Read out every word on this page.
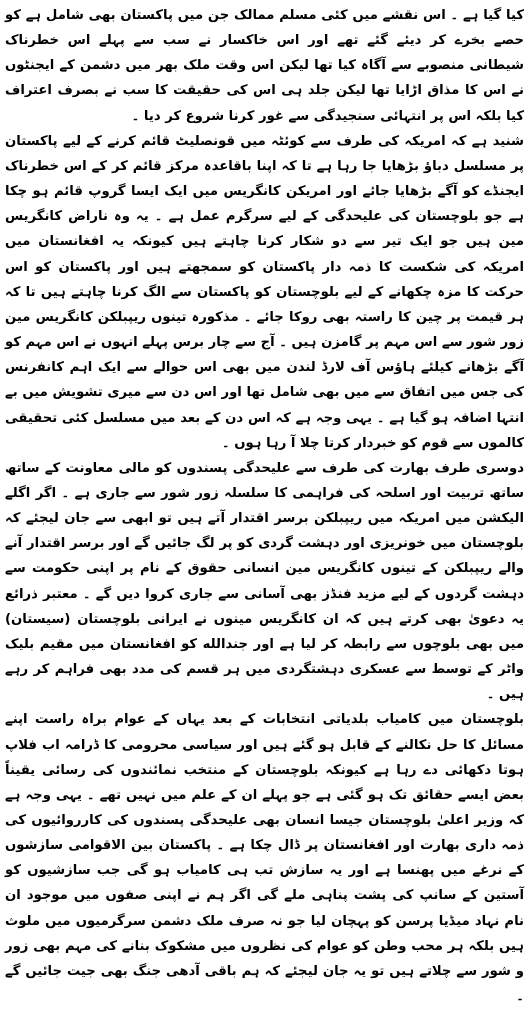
کیا گیا ہے ۔ اس نقشے میں کئی مسلم ممالک جن میں پاکستان بھی شامل ہے کو حصے بخرے کر دیئے گئے تھے اور اس خاکسار نے سب سے پہلے اس خطرناک شیطانی منصوبے سے آگاہ کیا تھا لیکن اس وقت ملک بھر میں دشمن کے ایجنٹوں نے اس کا مذاق اڑایا تھا لیکن جلد ہی اس کی حقیقت کا سب نے بصرف اعتراف کیا بلکہ اس پر انتہائی سنجیدگی سے غور کرنا شروع کر دیا ۔

شنید ہے کہ امریکہ کی طرف سے کوئٹہ میں قونصلیٹ قائم کرنے کے لیے پاکستان پر مسلسل دباؤ بڑھایا جا رہا ہے تا کہ اپنا باقاعدہ مرکز قائم کر کے اس خطرناک ایجنڈے کو آگے بڑھایا جائے اور امریکن کانگریس میں ایک ایسا گروپ قائم ہو چکا ہے جو بلوچستان کی علیحدگی کے لیے سرگرم عمل ہے ۔ یہ وہ ناراض کانگریس مین ہیں جو ایک تیر سے دو شکار کرنا چاہتے ہیں کیونکہ یہ افغانستان میں امریکہ کی شکست کا ذمہ دار پاکستان کو سمجھتے ہیں اور پاکستان کو اس حرکت کا مزہ چکھانے کے لیے بلوچستان کو پاکستان سے الگ کرنا چاہتے ہیں تا کہ ہر قیمت پر چین کا راستہ بھی روکا جائے ۔ مذکورہ تینوں ریپبلکن کانگریس مین زور شور سے اس مہم پر گامزن ہیں ۔ آج سے چار برس پہلے انہوں نے اس مہم کو آگے بڑھانے کیلئے ہاؤس آف لارڈ لندن میں بھی اس حوالے سے ایک اہم کانفرنس کی جس میں اتفاق سے میں بھی شامل تھا اور اس دن سے میری تشویش میں بے انتہا اضافہ ہو گیا ہے ۔ یہی وجہ ہے کہ اس دن کے بعد میں مسلسل کئی تحقیقی کالموں سے قوم کو خبردار کرتا چلا آ رہا ہوں ۔

دوسری طرف بھارت کی طرف سے علیحدگی پسندوں کو مالی معاونت کے ساتھ ساتھ تربیت اور اسلحہ کی فراہمی کا سلسلہ زور شور سے جاری ہے ۔ اگر اگلے الیکشن میں امریکہ میں ریپبلکن برسر اقتدار آتے ہیں تو ابھی سے جان لیجئے کہ بلوچستان میں خونریزی اور دہشت گردی کو پر لگ جائیں گے اور برسر اقتدار آنے والے ریپبلکن کے تینوں کانگریس مین انسانی حقوق کے نام پر اپنی حکومت سے دہشت گردوں کے لیے مزید فنڈز بھی آسانی سے جاری کروا دیں گے ۔ معتبر ذرائع یہ دعویٰ بھی کرتے ہیں کہ ان کانگریس مینوں نے ایرانی بلوچستان (سیستان) میں بھی بلوچوں سے رابطہ کر لیا ہے اور جندالله کو افغانستان میں مقیم بلیک واٹر کے توسط سے عسکری دہشتگردی میں ہر قسم کی مدد بھی فراہم کر رہے ہیں ۔

بلوچستان میں کامیاب بلدیاتی انتخابات کے بعد یہاں کے عوام براہ راست اپنے مسائل کا حل نکالنے کے قابل ہو گئے ہیں اور سیاسی محرومی کا ڈرامہ اب فلاپ ہوتا دکھائی دے رہا ہے کیونکہ بلوچستان کے منتخب نمائندوں کی رسائی یقیناً بعض ایسے حقائق تک ہو گئی ہے جو پہلے ان کے علم میں نہیں تھے ۔ یہی وجہ ہے کہ وزیر اعلیٰ بلوچستان جیسا انسان بھی علیحدگی پسندوں کی کارروائیوں کی ذمہ داری بھارت اور افغانستان پر ڈال چکا ہے ۔ پاکستان بین الاقوامی سازشوں کے نرغے میں پھنسا ہے اور یہ سازش تب ہی کامیاب ہو گی جب سازشیوں کو آستین کے سانپ کی پشت پناہی ملے گی اگر ہم نے اپنی صفوں میں موجود ان نام نہاد میڈیا پرسن کو پہچان لیا جو نہ صرف ملک دشمن سرگرمیوں میں ملوث ہیں بلکہ ہر محب وطن کو عوام کی نظروں میں مشکوک بنانے کی مہم بھی زور و شور سے چلاتے ہیں تو یہ جان لیجئے کہ ہم باقی آدھی جنگ بھی جیت جائیں گے ۔
